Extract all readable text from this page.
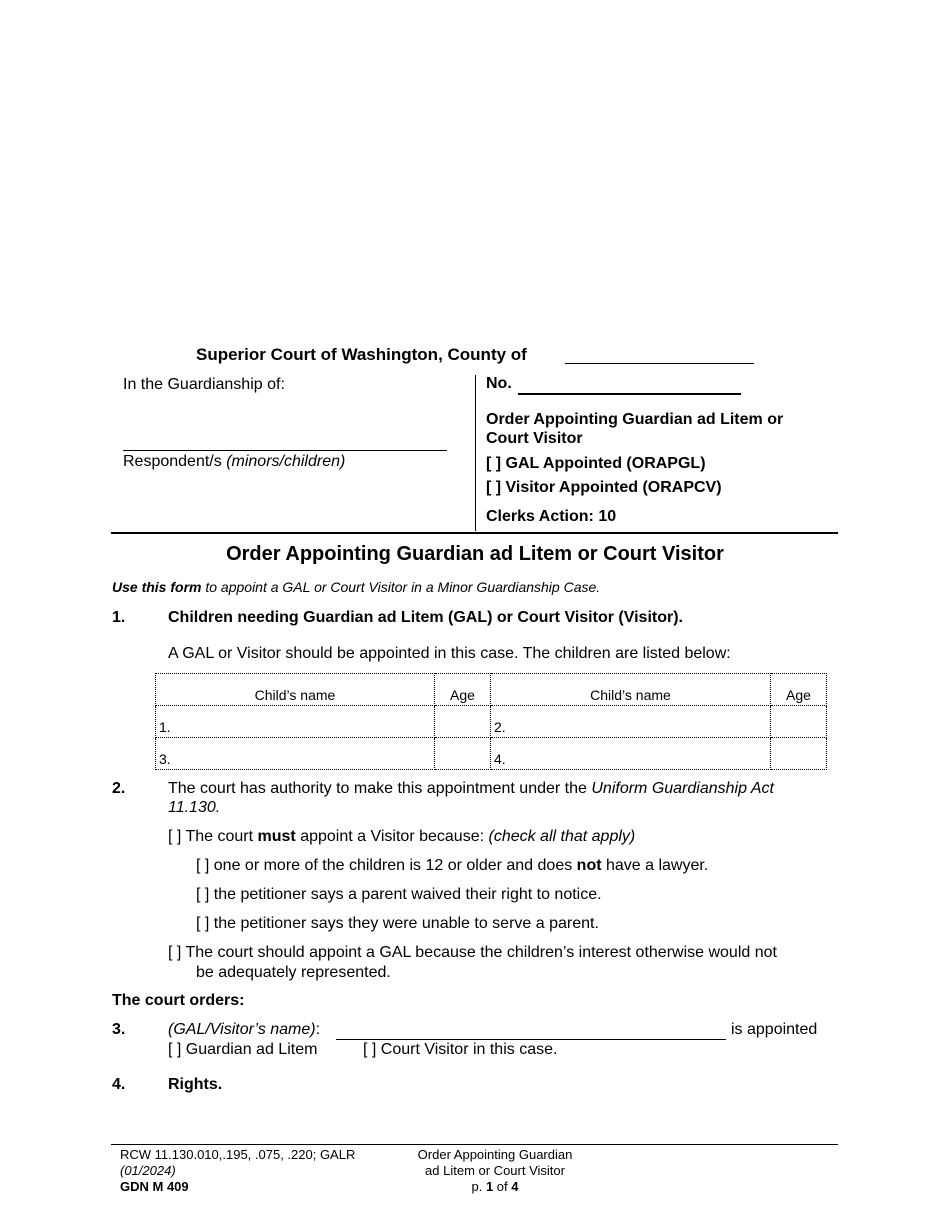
Superior Court of Washington, County of
In the Guardianship of:
Respondent/s (minors/children)
No.
Order Appointing Guardian ad Litem or
Court Visitor
[ ] GAL Appointed (ORAPGL)
[ ] Visitor Appointed (ORAPCV)
Clerks Action: 10
Order Appointing Guardian ad Litem or Court Visitor
Use this form to appoint a GAL or Court Visitor in a Minor Guardianship Case.
1.	Children needing Guardian ad Litem (GAL) or Court Visitor (Visitor).
A GAL or Visitor should be appointed in this case. The children are listed below:
Child’s name	Age	Child’s name	Age
1.		2.	
3.		4.	
2.	The court has authority to make this appointment under the Uniform Guardianship Act
11.130.
[ ] The court must appoint a Visitor because: (check all that apply)
[ ] one or more of the children is 12 or older and does not have a lawyer.
[ ] the petitioner says a parent waived their right to notice.
[ ] the petitioner says they were unable to serve a parent.
[ ] The court should appoint a GAL because the children’s interest otherwise would not
be adequately represented.
The court orders:
3.	(GAL/Visitor’s name):	is appointed
[ ] Guardian ad Litem	[ ] Court Visitor in this case.
4.	Rights.
RCW 11.130.010,.195, .075, .220; GALR
(01/2024)
GDN M 409
Order Appointing Guardian
ad Litem or Court Visitor
p. 1 of 4
